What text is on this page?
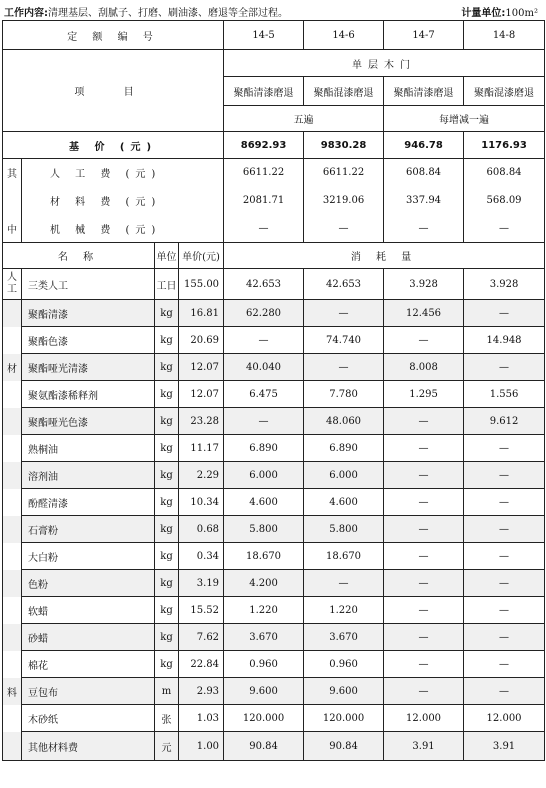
工作内容:清理基层、刮腻子、打磨、刷油漆、磨退等全部过程。	计量单位:100m²
定 额 编 号				14-5	14-6	14-7	14-8
项 目				单层木门			
				聚酯清漆磨退	聚酯混漆磨退	聚酯清漆磨退	聚酯混漆磨退
				五遍		每增减一遍	
基 价 (元)				8692.93	9830.28	946.78	1176.93
其	人 工 费 (元)			6611.22	6611.22	608.84	608.84
	材 料 费 (元)			2081.71	3219.06	337.94	568.09
中	机 械 费 (元)			—	—	—	—
名 称		单位	单价(元)	消 耗 量			
人工	三类人工	工日	155.00	42.653	42.653	3.928	3.928
	聚酯清漆	kg	16.81	62.280	—	12.456	—
	聚酯色漆	kg	20.69	—	74.740	—	14.948
材	聚酯哑光清漆	kg	12.07	40.040	—	8.008	—
	聚氨酯漆稀释剂	kg	12.07	6.475	7.780	1.295	1.556
	聚酯哑光色漆	kg	23.28	—	48.060	—	9.612
	熟桐油	kg	11.17	6.890	6.890	—	—
	溶剂油	kg	2.29	6.000	6.000	—	—
	酚醛清漆	kg	10.34	4.600	4.600	—	—
	石膏粉	kg	0.68	5.800	5.800	—	—
	大白粉	kg	0.34	18.670	18.670	—	—
	色粉	kg	3.19	4.200	—	—	—
	软蜡	kg	15.52	1.220	1.220	—	—
	砂蜡	kg	7.62	3.670	3.670	—	—
	棉花	kg	22.84	0.960	0.960	—	—
料	豆包布	m	2.93	9.600	9.600	—	—
	木砂纸	张	1.03	120.000	120.000	12.000	12.000
	其他材料费	元	1.00	90.84	90.84	3.91	3.91
